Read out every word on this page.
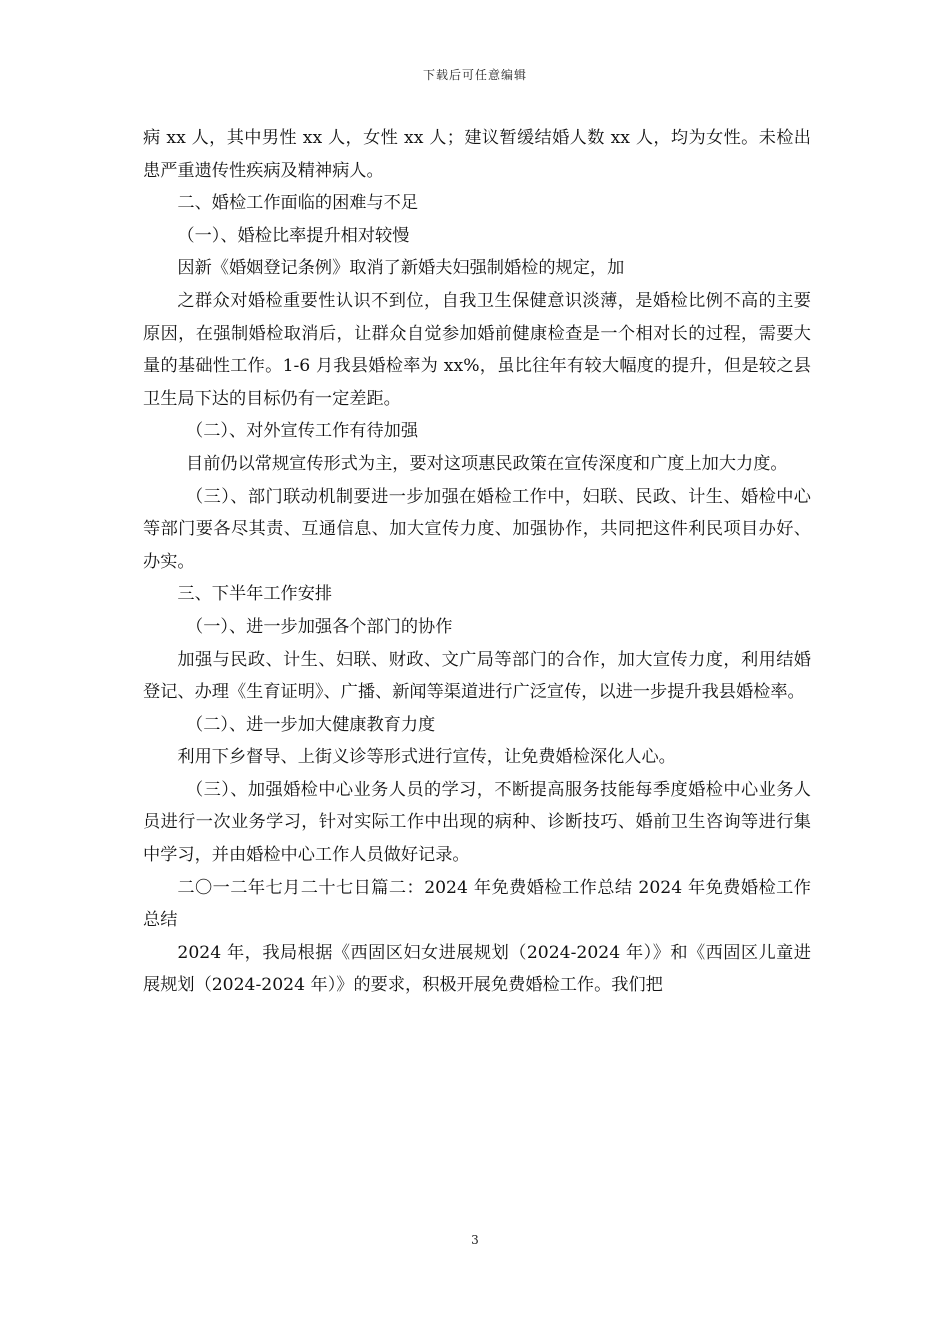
下载后可任意编辑

病 xx 人，其中男性 xx 人，女性 xx 人；建议暂缓结婚人数 xx 人，均为女性。未检出患严重遗传性疾病及精神病人。

二、婚检工作面临的困难与不足

（一）、婚检比率提升相对较慢

因新《婚姻登记条例》取消了新婚夫妇强制婚检的规定，加

之群众对婚检重要性认识不到位，自我卫生保健意识淡薄，是婚检比例不高的主要原因，在强制婚检取消后，让群众自觉参加婚前健康检查是一个相对长的过程，需要大量的基础性工作。1-6 月我县婚检率为 xx%，虽比往年有较大幅度的提升，但是较之县卫生局下达的目标仍有一定差距。

（二）、对外宣传工作有待加强

目前仍以常规宣传形式为主，要对这项惠民政策在宣传深度和广度上加大力度。

（三）、部门联动机制要进一步加强在婚检工作中，妇联、民政、计生、婚检中心等部门要各尽其责、互通信息、加大宣传力度、加强协作，共同把这件利民项目办好、办实。

三、下半年工作安排

（一）、进一步加强各个部门的协作

加强与民政、计生、妇联、财政、文广局等部门的合作，加大宣传力度，利用结婚登记、办理《生育证明》、广播、新闻等渠道进行广泛宣传，以进一步提升我县婚检率。

（二）、进一步加大健康教育力度

利用下乡督导、上街义诊等形式进行宣传，让免费婚检深化人心。

（三）、加强婚检中心业务人员的学习，不断提高服务技能每季度婚检中心业务人员进行一次业务学习，针对实际工作中出现的病种、诊断技巧、婚前卫生咨询等进行集中学习，并由婚检中心工作人员做好记录。

二〇一二年七月二十七日篇二：2024 年免费婚检工作总结 2024 年免费婚检工作总结

2024 年，我局根据《西固区妇女进展规划（2024-2024 年）》和《西固区儿童进展规划（2024-2024 年）》的要求，积极开展免费婚检工作。我们把

3
